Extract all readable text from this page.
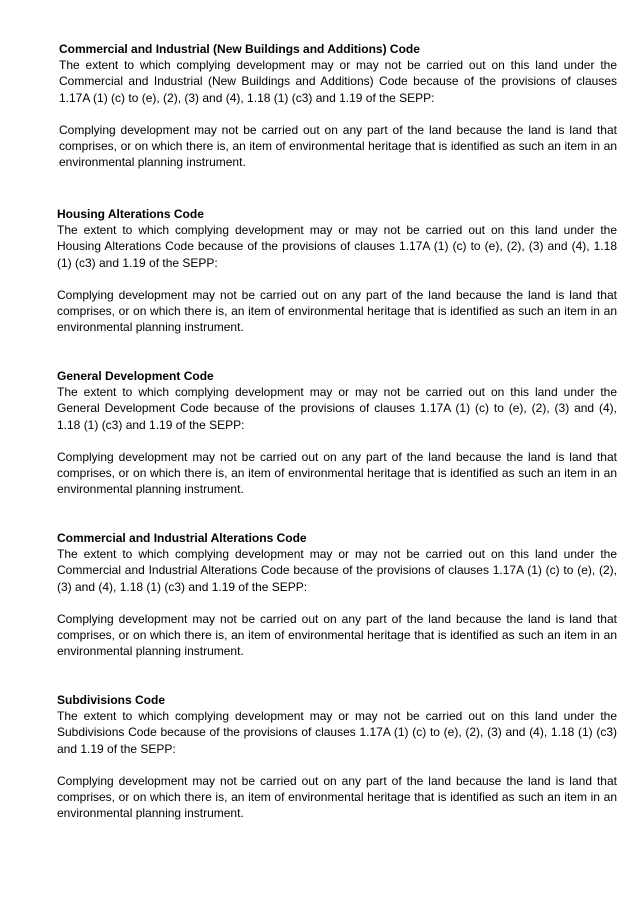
Commercial and Industrial (New Buildings and Additions) Code

The extent to which complying development may or may not be carried out on this land under the Commercial and Industrial (New Buildings and Additions) Code because of the provisions of clauses 1.17A (1) (c) to (e), (2), (3) and (4), 1.18 (1) (c3) and 1.19 of the SEPP:

Complying development may not be carried out on any part of the land because the land is land that comprises, or on which there is, an item of environmental heritage that is identified as such an item in an environmental planning instrument.

Housing Alterations Code

The extent to which complying development may or may not be carried out on this land under the Housing Alterations Code because of the provisions of clauses 1.17A (1) (c) to (e), (2), (3) and (4), 1.18 (1) (c3) and 1.19 of the SEPP:

Complying development may not be carried out on any part of the land because the land is land that comprises, or on which there is, an item of environmental heritage that is identified as such an item in an environmental planning instrument.

General Development Code

The extent to which complying development may or may not be carried out on this land under the General Development Code because of the provisions of clauses 1.17A (1) (c) to (e), (2), (3) and (4), 1.18 (1) (c3) and 1.19 of the SEPP:

Complying development may not be carried out on any part of the land because the land is land that comprises, or on which there is, an item of environmental heritage that is identified as such an item in an environmental planning instrument.

Commercial and Industrial Alterations Code

The extent to which complying development may or may not be carried out on this land under the Commercial and Industrial Alterations Code because of the provisions of clauses 1.17A (1) (c) to (e), (2), (3) and (4), 1.18 (1) (c3) and 1.19 of the SEPP:

Complying development may not be carried out on any part of the land because the land is land that comprises, or on which there is, an item of environmental heritage that is identified as such an item in an environmental planning instrument.

Subdivisions Code

The extent to which complying development may or may not be carried out on this land under the Subdivisions Code because of the provisions of clauses 1.17A (1) (c) to (e), (2), (3) and (4), 1.18 (1) (c3) and 1.19 of the SEPP:

Complying development may not be carried out on any part of the land because the land is land that comprises, or on which there is, an item of environmental heritage that is identified as such an item in an environmental planning instrument.
